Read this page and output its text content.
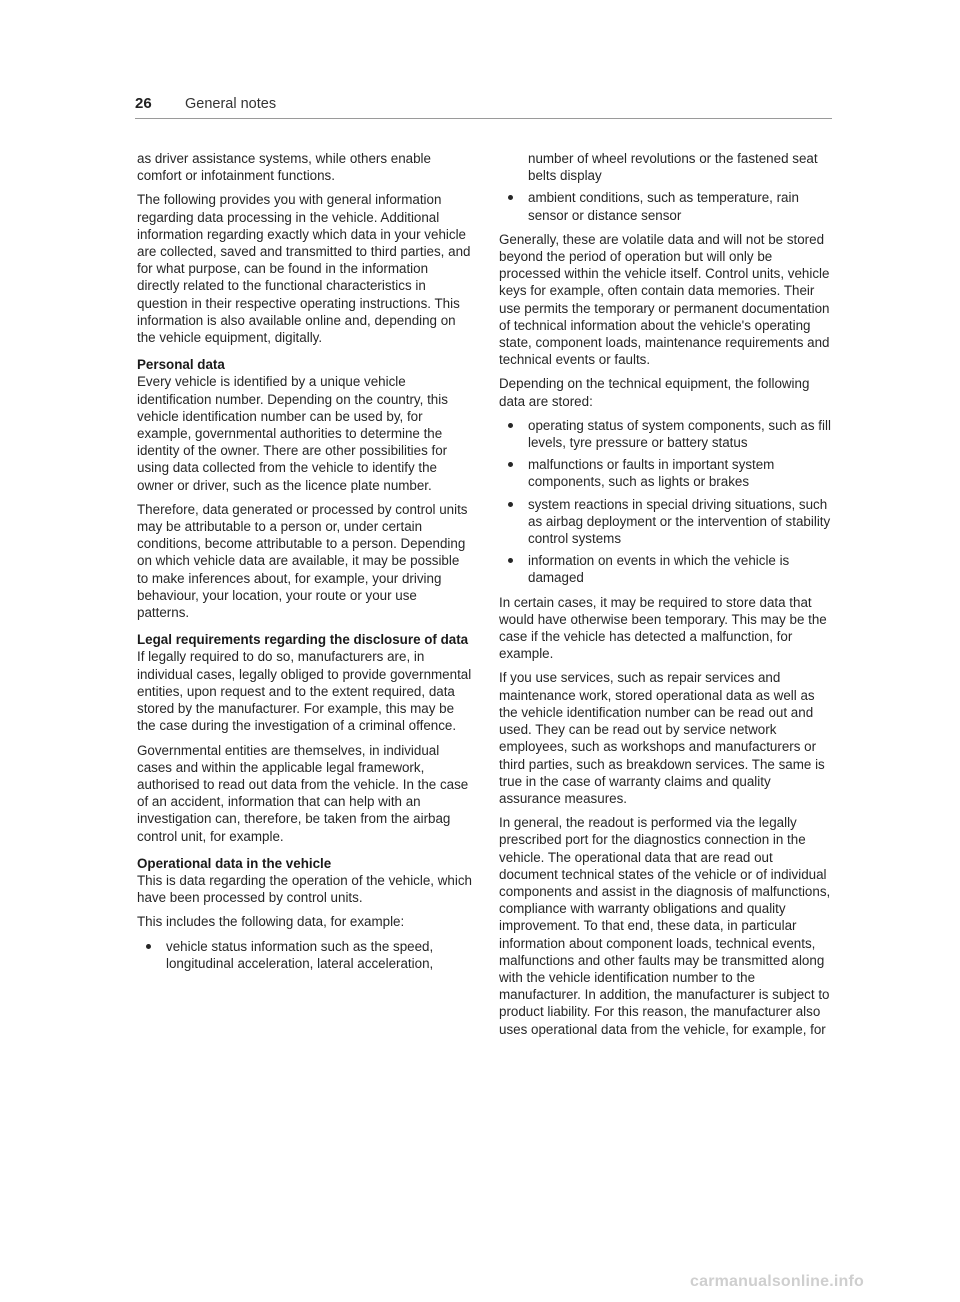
26 General notes

as driver assistance systems, while others enable comfort or infotainment functions.

The following provides you with general information regarding data processing in the vehicle. Additional information regarding exactly which data in your vehicle are collected, saved and transmitted to third parties, and for what purpose, can be found in the information directly related to the functional characteristics in question in their respective operating instructions. This information is also available online and, depending on the vehicle equipment, digitally.

Personal data

Every vehicle is identified by a unique vehicle identification number. Depending on the country, this vehicle identification number can be used by, for example, governmental authorities to determine the identity of the owner. There are other possibilities for using data collected from the vehicle to identify the owner or driver, such as the licence plate number.

Therefore, data generated or processed by control units may be attributable to a person or, under certain conditions, become attributable to a person. Depending on which vehicle data are available, it may be possible to make inferences about, for example, your driving behaviour, your location, your route or your use patterns.

Legal requirements regarding the disclosure of data

If legally required to do so, manufacturers are, in individual cases, legally obliged to provide governmental entities, upon request and to the extent required, data stored by the manufacturer. For example, this may be the case during the investigation of a criminal offence.

Governmental entities are themselves, in individual cases and within the applicable legal framework, authorised to read out data from the vehicle. In the case of an accident, information that can help with an investigation can, therefore, be taken from the airbag control unit, for example.

Operational data in the vehicle

This is data regarding the operation of the vehicle, which have been processed by control units.

This includes the following data, for example:

vehicle status information such as the speed, longitudinal acceleration, lateral acceleration,
number of wheel revolutions or the fastened seat belts display
ambient conditions, such as temperature, rain sensor or distance sensor

Generally, these are volatile data and will not be stored beyond the period of operation but will only be processed within the vehicle itself. Control units, vehicle keys for example, often contain data memories. Their use permits the temporary or permanent documentation of technical information about the vehicle's operating state, component loads, maintenance requirements and technical events or faults.

Depending on the technical equipment, the following data are stored:

operating status of system components, such as fill levels, tyre pressure or battery status
malfunctions or faults in important system components, such as lights or brakes
system reactions in special driving situations, such as airbag deployment or the intervention of stability control systems
information on events in which the vehicle is damaged

In certain cases, it may be required to store data that would have otherwise been temporary. This may be the case if the vehicle has detected a malfunction, for example.

If you use services, such as repair services and maintenance work, stored operational data as well as the vehicle identification number can be read out and used. They can be read out by service network employees, such as workshops and manufacturers or third parties, such as breakdown services. The same is true in the case of warranty claims and quality assurance measures.

In general, the readout is performed via the legally prescribed port for the diagnostics connection in the vehicle. The operational data that are read out document technical states of the vehicle or of individual components and assist in the diagnosis of malfunctions, compliance with warranty obligations and quality improvement. To that end, these data, in particular information about component loads, technical events, malfunctions and other faults may be transmitted along with the vehicle identification number to the manufacturer. In addition, the manufacturer is subject to product liability. For this reason, the manufacturer also uses operational data from the vehicle, for example, for

carmanualsonline.info
